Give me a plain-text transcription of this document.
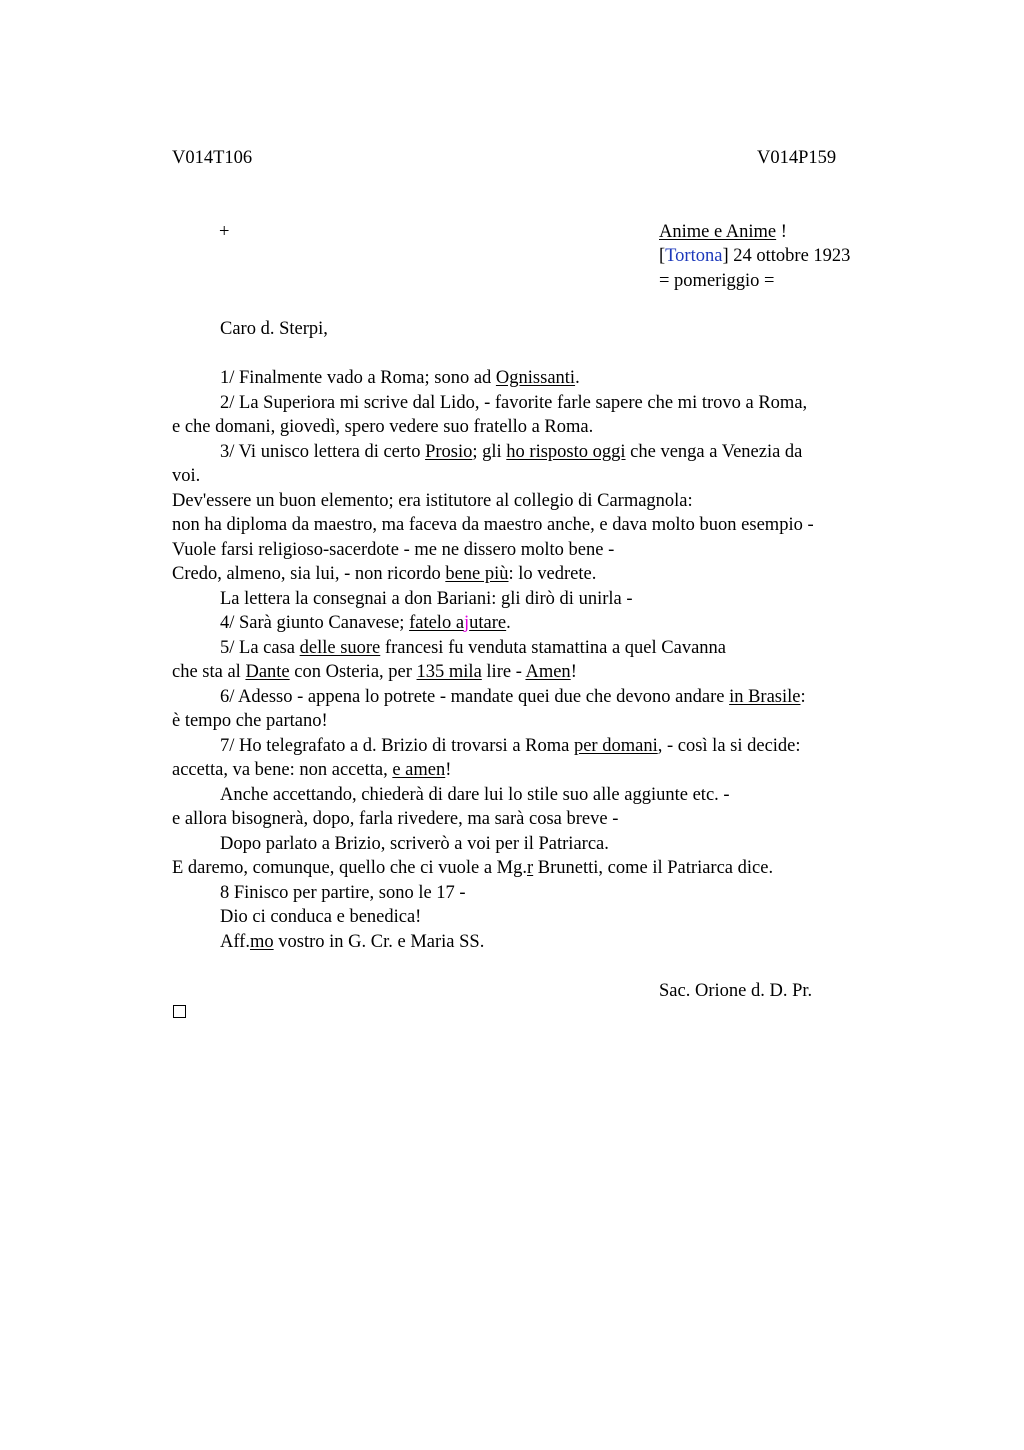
V014T106	V014P159
+	Anime e Anime !
[Tortona] 24 ottobre 1923
= pomeriggio =
Caro d. Sterpi,
1/ Finalmente vado a Roma; sono ad Ognissanti.
2/ La Superiora mi scrive dal Lido, - favorite farle sapere che mi trovo a Roma,
e che domani, giovedì, spero vedere suo fratello a Roma.
3/ Vi unisco lettera di certo Prosio; gli ho risposto oggi che venga a Venezia da
voi.
Dev'essere un buon elemento; era istitutore al collegio di Carmagnola:
non ha diploma da maestro, ma faceva da maestro anche, e dava molto buon esempio -
Vuole farsi religioso-sacerdote - me ne dissero molto bene -
Credo, almeno, sia lui, - non ricordo bene più: lo vedrete.
La lettera la consegnai a don Bariani: gli dirò di unirla -
4/ Sarà giunto Canavese; fatelo ajutare.
5/ La casa delle suore francesi fu venduta stamattina a quel Cavanna
che sta al Dante con Osteria, per 135 mila lire - Amen!
6/ Adesso - appena lo potrete - mandate quei due che devono andare in Brasile:
è tempo che partano!
7/ Ho telegrafato a d. Brizio di trovarsi a Roma per domani, - così la si decide:
accetta, va bene: non accetta, e amen!
Anche accettando, chiederà di dare lui lo stile suo alle aggiunte etc. -
e allora bisognerà, dopo, farla rivedere, ma sarà cosa breve -
Dopo parlato a Brizio, scriverò a voi per il Patriarca.
E daremo, comunque, quello che ci vuole a Mg.r Brunetti, come il Patriarca dice.
8 Finisco per partire, sono le 17 -
Dio ci conduca e benedica!
Aff.mo vostro in G. Cr. e Maria SS.
Sac. Orione d. D. Pr.
